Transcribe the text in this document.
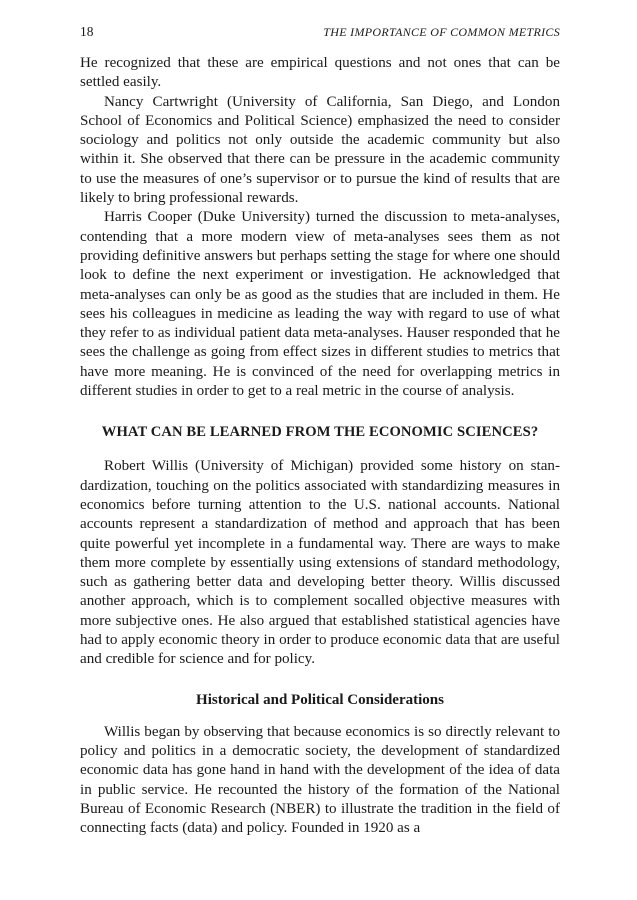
18	THE IMPORTANCE OF COMMON METRICS

He recognized that these are empirical questions and not ones that can be settled easily.

Nancy Cartwright (University of California, San Diego, and London School of Economics and Political Science) emphasized the need to consider sociology and politics not only outside the academic community but also within it. She observed that there can be pressure in the academic community to use the measures of one’s supervisor or to pursue the kind of results that are likely to bring professional rewards.

Harris Cooper (Duke University) turned the discussion to meta-analyses, contending that a more modern view of meta-analyses sees them as not providing definitive answers but perhaps setting the stage for where one should look to define the next experiment or investigation. He acknowledged that meta-analyses can only be as good as the studies that are included in them. He sees his colleagues in medicine as leading the way with regard to use of what they refer to as individual patient data meta-analyses. Hauser responded that he sees the challenge as going from effect sizes in different studies to metrics that have more meaning. He is convinced of the need for overlapping metrics in different studies in order to get to a real metric in the course of analysis.

WHAT CAN BE LEARNED FROM THE ECONOMIC SCIENCES?

Robert Willis (University of Michigan) provided some history on standardization, touching on the politics associated with standardizing measures in economics before turning attention to the U.S. national accounts. National accounts represent a standardization of method and approach that has been quite powerful yet incomplete in a fundamental way. There are ways to make them more complete by essentially using extensions of standard methodology, such as gathering better data and developing better theory. Willis discussed another approach, which is to complement socalled objective measures with more subjective ones. He also argued that established statistical agencies have had to apply economic theory in order to produce economic data that are useful and credible for science and for policy.

Historical and Political Considerations

Willis began by observing that because economics is so directly relevant to policy and politics in a democratic society, the development of standardized economic data has gone hand in hand with the development of the idea of data in public service. He recounted the history of the formation of the National Bureau of Economic Research (NBER) to illustrate the tradition in the field of connecting facts (data) and policy. Founded in 1920 as a
